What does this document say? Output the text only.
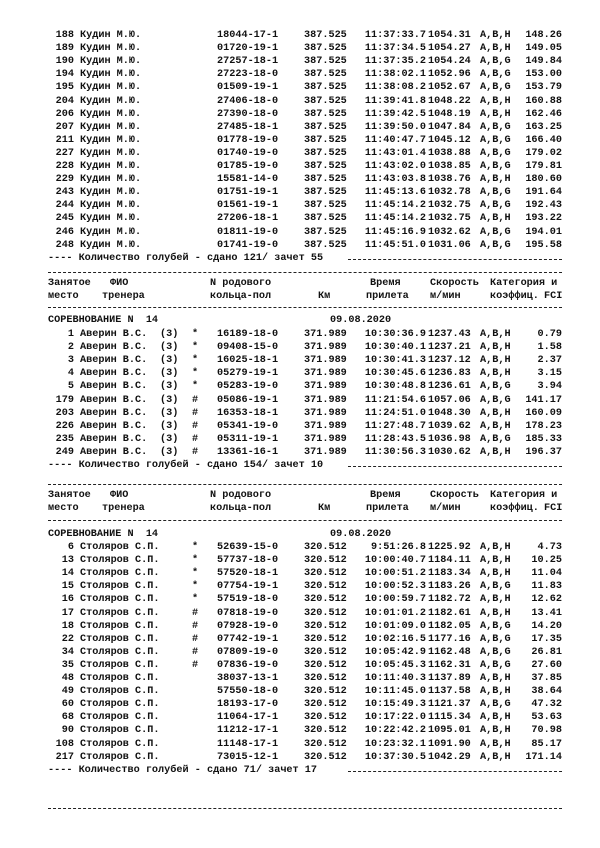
188 Кудин М.Ю.	18044-17-1	387.525	11:37:33.7 1054.31 A,B,H	148.26
189 Кудин М.Ю.	01720-19-1	387.525	11:37:34.5 1054.27 A,B,H	149.05
190 Кудин М.Ю.	27257-18-1	387.525	11:37:35.2 1054.24 A,B,G	149.84
194 Кудин М.Ю.	27223-18-0	387.525	11:38:02.1 1052.96 A,B,G	153.00
195 Кудин М.Ю.	01509-19-1	387.525	11:38:08.2 1052.67 A,B,G	153.79
204 Кудин М.Ю.	27406-18-0	387.525	11:39:41.8 1048.22 A,B,H	160.88
206 Кудин М.Ю.	27390-18-0	387.525	11:39:42.5 1048.19 A,B,H	162.46
207 Кудин М.Ю.	27485-18-1	387.525	11:39:50.0 1047.84 A,B,G	163.25
211 Кудин М.Ю.	01778-19-0	387.525	11:40:47.7 1045.12 A,B,G	166.40
227 Кудин М.Ю.	01740-19-0	387.525	11:43:01.4 1038.88 A,B,G	179.02
228 Кудин М.Ю.	01785-19-0	387.525	11:43:02.0 1038.85 A,B,G	179.81
229 Кудин М.Ю.	15581-14-0	387.525	11:43:03.8 1038.76 A,B,H	180.60
243 Кудин М.Ю.	01751-19-1	387.525	11:45:13.6 1032.78 A,B,G	191.64
244 Кудин М.Ю.	01561-19-1	387.525	11:45:14.2 1032.75 A,B,G	192.43
245 Кудин М.Ю.	27206-18-1	387.525	11:45:14.2 1032.75 A,B,H	193.22
246 Кудин М.Ю.	01811-19-0	387.525	11:45:16.9 1032.62 A,B,G	194.01
248 Кудин М.Ю.	01741-19-0	387.525	11:45:51.0 1031.06 A,B,G	195.58
---- Количество голубей - сдано 121/ зачет 55
Занятое ФИО	N родового	Время	Скорость Категория и
место тренера	кольца-пол	Км	прилета м/мин	коэффиц. FCI
СОРЕВНОВАНИЕ N  14	09.08.2020
1 Аверин В.С.	(3)	* 16189-18-0	371.989	10:30:36.9 1237.43 A,B,H	0.79
2 Аверин В.С.	(3)	* 09408-15-0	371.989	10:30:40.1 1237.21 A,B,H	1.58
3 Аверин В.С.	(3)	* 16025-18-1	371.989	10:30:41.3 1237.12 A,B,H	2.37
4 Аверин В.С.	(3)	* 05279-19-1	371.989	10:30:45.6 1236.83 A,B,H	3.15
5 Аверин В.С.	(3)	* 05283-19-0	371.989	10:30:48.8 1236.61 A,B,G	3.94
179 Аверин В.С.	(3)	# 05086-19-1	371.989	11:21:54.6 1057.06 A,B,G	141.17
203 Аверин В.С.	(3)	# 16353-18-1	371.989	11:24:51.0 1048.30 A,B,H	160.09
226 Аверин В.С.	(3)	# 05341-19-0	371.989	11:27:48.7 1039.62 A,B,H	178.23
235 Аверин В.С.	(3)	# 05311-19-1	371.989	11:28:43.5 1036.98 A,B,G	185.33
249 Аверин В.С.	(3)	# 13361-16-1	371.989	11:30:56.3 1030.62 A,B,H	196.37
---- Количество голубей - сдано 154/ зачет 10
Занятое ФИО	N родового	Время	Скорость Категория и
место тренера	кольца-пол	Км	прилета м/мин	коэффиц. FCI
СОРЕВНОВАНИЕ N  14	09.08.2020
6 Столяров С.П.	* 52639-15-0	320.512	9:51:26.8 1225.92 A,B,H	4.73
13 Столяров С.П.	* 57737-18-0	320.512	10:00:40.7 1184.11 A,B,H	10.25
14 Столяров С.П.	* 57520-18-1	320.512	10:00:51.2 1183.34 A,B,H	11.04
15 Столяров С.П.	* 07754-19-1	320.512	10:00:52.3 1183.26 A,B,G	11.83
16 Столяров С.П.	* 57519-18-0	320.512	10:00:59.7 1182.72 A,B,H	12.62
17 Столяров С.П.	# 07818-19-0	320.512	10:01:01.2 1182.61 A,B,H	13.41
18 Столяров С.П.	# 07928-19-0	320.512	10:01:09.0 1182.05 A,B,G	14.20
22 Столяров С.П.	# 07742-19-1	320.512	10:02:16.5 1177.16 A,B,G	17.35
34 Столяров С.П.	# 07809-19-0	320.512	10:05:42.9 1162.48 A,B,G	26.81
35 Столяров С.П.	# 07836-19-0	320.512	10:05:45.3 1162.31 A,B,G	27.60
48 Столяров С.П.	38037-13-1	320.512	10:11:40.3 1137.89 A,B,H	37.85
49 Столяров С.П.	57550-18-0	320.512	10:11:45.0 1137.58 A,B,H	38.64
60 Столяров С.П.	18193-17-0	320.512	10:15:49.3 1121.37 A,B,G	47.32
68 Столяров С.П.	11064-17-1	320.512	10:17:22.0 1115.34 A,B,H	53.63
90 Столяров С.П.	11212-17-1	320.512	10:22:42.2 1095.01 A,B,H	70.98
108 Столяров С.П.	11148-17-1	320.512	10:23:32.1 1091.90 A,B,H	85.17
217 Столяров С.П.	73015-12-1	320.512	10:37:30.5 1042.29 A,B,H	171.14
---- Количество голубей - сдано 71/ зачет 17
